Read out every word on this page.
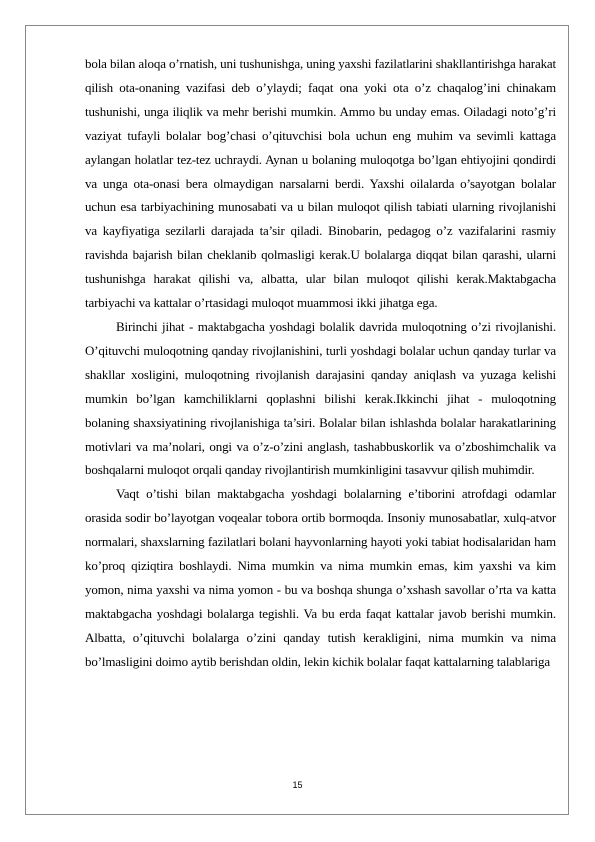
bola bilan aloqa o’rnatish, uni tushunishga, uning yaxshi fazilatlarini shakllantirishga harakat qilish ota-onaning vazifasi deb o’ylaydi; faqat ona yoki ota o’z chaqalog’ini chinakam tushunishi, unga iliqlik va mehr berishi mumkin. Ammo bu unday emas. Oiladagi noto’g’ri vaziyat tufayli bolalar bog’chasi o’qituvchisi bola uchun eng muhim va sevimli kattaga aylangan holatlar tez-tez uchraydi. Aynan u bolaning muloqotga bo’lgan ehtiyojini qondirdi va unga ota-onasi bera olmaydigan narsalarni berdi. Yaxshi oilalarda o’sayotgan bolalar uchun esa tarbiyachining munosabati va u bilan muloqot qilish tabiati ularning rivojlanishi va kayfiyatiga sezilarli darajada ta’sir qiladi. Binobarin, pedagog o’z vazifalarini rasmiy ravishda bajarish bilan cheklanib qolmasligi kerak.U bolalarga diqqat bilan qarashi, ularni tushunishga harakat qilishi va, albatta, ular bilan muloqot qilishi kerak.Maktabgacha tarbiyachi va kattalar o’rtasidagi muloqot muammosi ikki jihatga ega.

Birinchi jihat - maktabgacha yoshdagi bolalik davrida muloqotning o’zi rivojlanishi. O’qituvchi muloqotning qanday rivojlanishini, turli yoshdagi bolalar uchun qanday turlar va shakllar xosligini, muloqotning rivojlanish darajasini qanday aniqlash va yuzaga kelishi mumkin bo’lgan kamchiliklarni qoplashni bilishi kerak.Ikkinchi jihat - muloqotning bolaning shaxsiyatining rivojlanishiga ta’siri. Bolalar bilan ishlashda bolalar harakatlarining motivlari va ma’nolari, ongi va o’z-o’zini anglash, tashabbuskorlik va o’zboshimchalik va boshqalarni muloqot orqali qanday rivojlantirish mumkinligini tasavvur qilish muhimdir.

Vaqt o’tishi bilan maktabgacha yoshdagi bolalarning e’tiborini atrofdagi odamlar orasida sodir bo’layotgan voqealar tobora ortib bormoqda. Insoniy munosabatlar, xulq-atvor normalari, shaxslarning fazilatlari bolani hayvonlarning hayoti yoki tabiat hodisalaridan ham ko’proq qiziqtira boshlaydi. Nima mumkin va nima mumkin emas, kim yaxshi va kim yomon, nima yaxshi va nima yomon - bu va boshqa shunga o’xshash savollar o’rta va katta maktabgacha yoshdagi bolalarga tegishli. Va bu erda faqat kattalar javob berishi mumkin. Albatta, o’qituvchi bolalarga o’zini qanday tutish kerakligini, nima mumkin va nima bo’lmasligini doimo aytib berishdan oldin, lekin kichik bolalar faqat kattalarning talablariga

15
